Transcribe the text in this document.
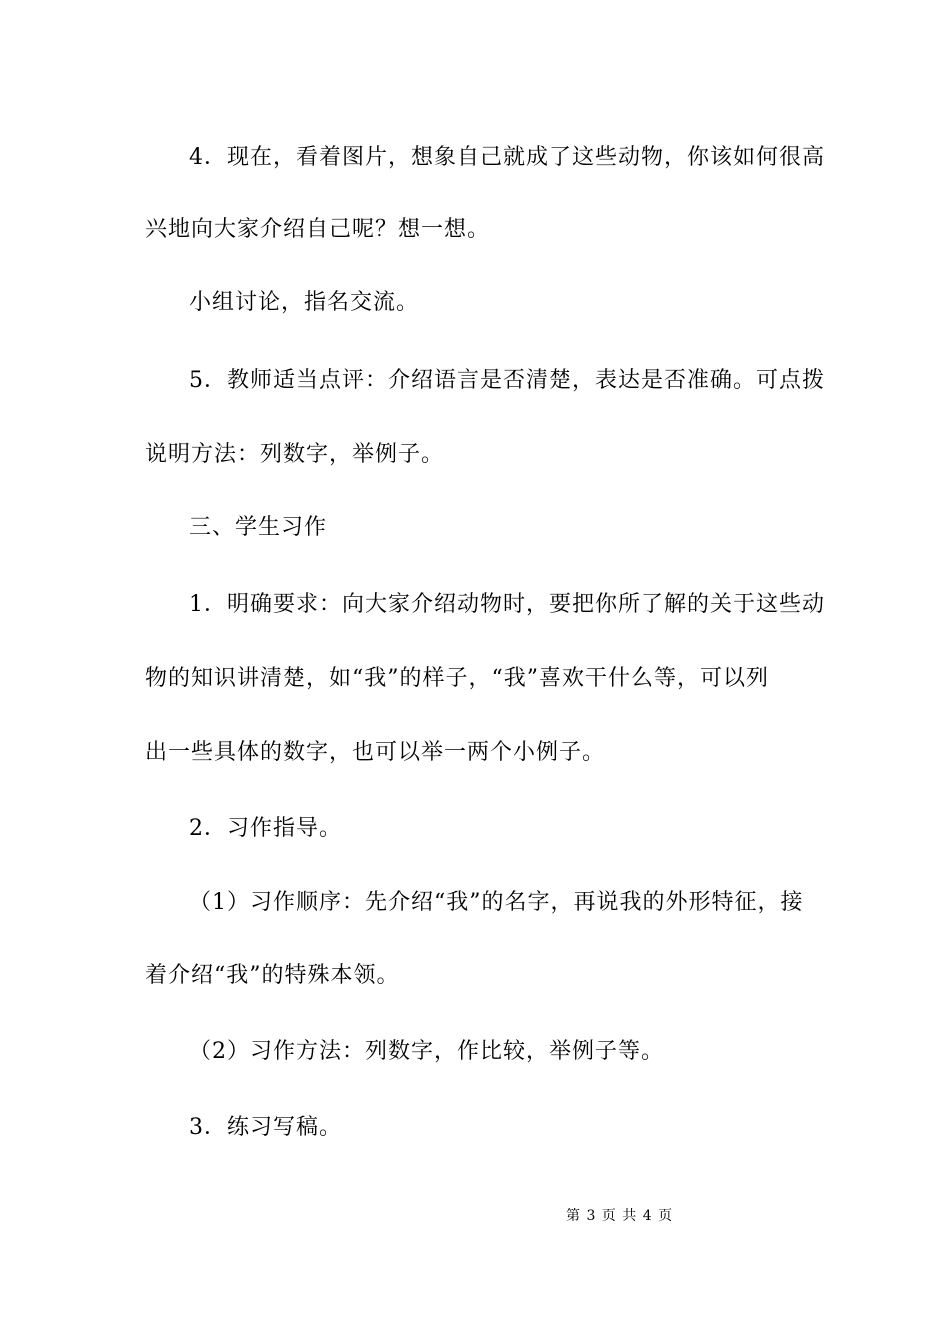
4．现在，看着图片，想象自己就成了这些动物，你该如何很高
兴地向大家介绍自己呢？想一想。
小组讨论，指名交流。
5．教师适当点评：介绍语言是否清楚，表达是否准确。可点拨
说明方法：列数字，举例子。
三、学生习作
1．明确要求：向大家介绍动物时，要把你所了解的关于这些动
物的知识讲清楚，如“我”的样子，“我”喜欢干什么等，可以列
出一些具体的数字，也可以举一两个小例子。
2．习作指导。
（1）习作顺序：先介绍“我”的名字，再说我的外形特征，接
着介绍“我”的特殊本领。
（2）习作方法：列数字，作比较，举例子等。
3．练习写稿。
第 3 页 共 4 页
